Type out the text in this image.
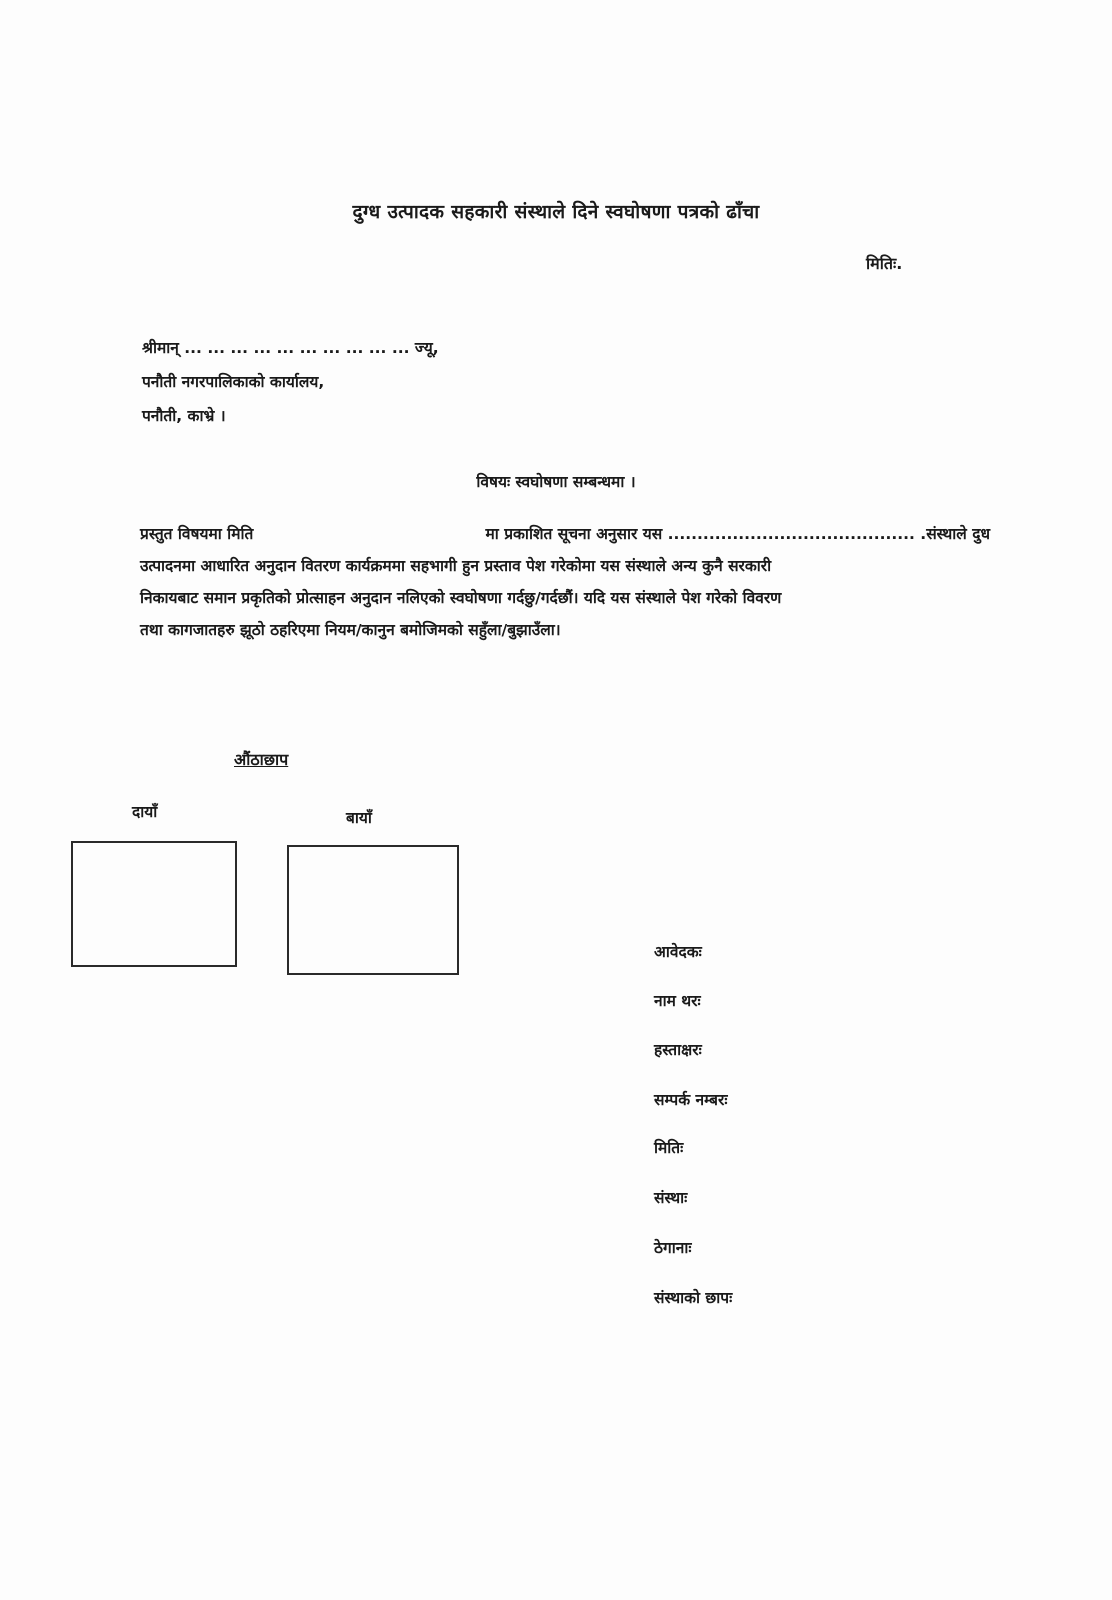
दुग्ध उत्पादक सहकारी संस्थाले दिने स्वघोषणा पत्रको ढाँचा
मितिः.
श्रीमान् ... ... ... ... ... ... ... ... ... ... ज्यू,
पनौती नगरपालिकाको कार्यालय,
पनौती, काभ्रे ।
विषयः स्वघोषणा सम्बन्धमा ।
प्रस्तुत विषयमा मिति	मा प्रकाशित सूचना अनुसार यस .......................................... .संस्थाले दुध
उत्पादनमा आधारित अनुदान वितरण कार्यक्रममा सहभागी हुन प्रस्ताव पेश गरेकोमा यस संस्थाले अन्य कुनै सरकारी
निकायबाट समान प्रकृतिको प्रोत्साहन अनुदान नलिएको स्वघोषणा गर्दछु/गर्दछौं। यदि यस संस्थाले पेश गरेको विवरण
तथा कागजातहरु झूठो ठहरिएमा नियम/कानुन बमोजिमको सहुँला/बुझाउँला।
औंठाछाप
दायाँ	बायाँ
आवेदकः
नाम थरः
हस्ताक्षरः
सम्पर्क नम्बरः
मितिः
संस्थाः
ठेगानाः
संस्थाको छापः
